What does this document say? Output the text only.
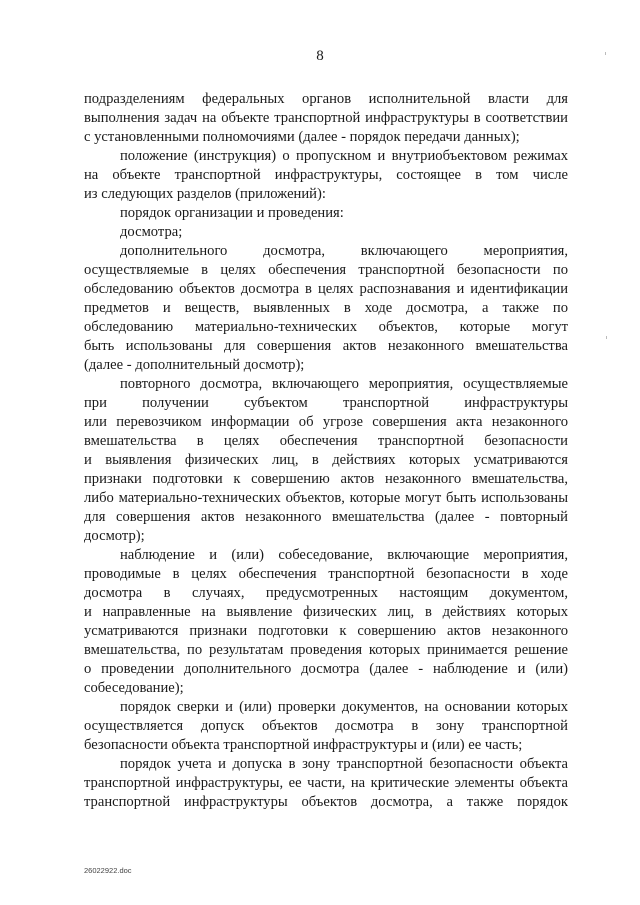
8
подразделениям федеральных органов исполнительной власти для
выполнения задач на объекте транспортной инфраструктуры в соответствии
с установленными полномочиями (далее - порядок передачи данных);
положение (инструкция) о пропускном и внутриобъектовом режимах
на объекте транспортной инфраструктуры, состоящее в том числе
из следующих разделов (приложений):
порядок организации и проведения:
досмотра;
дополнительного досмотра, включающего мероприятия,
осуществляемые в целях обеспечения транспортной безопасности по
обследованию объектов досмотра в целях распознавания и идентификации
предметов и веществ, выявленных в ходе досмотра, а также по
обследованию материально-технических объектов, которые могут
быть использованы для совершения актов незаконного вмешательства
(далее - дополнительный досмотр);
повторного досмотра, включающего мероприятия, осуществляемые
при получении субъектом транспортной инфраструктуры
или перевозчиком информации об угрозе совершения акта незаконного
вмешательства в целях обеспечения транспортной безопасности
и выявления физических лиц, в действиях которых усматриваются
признаки подготовки к совершению актов незаконного вмешательства,
либо материально-технических объектов, которые могут быть использованы
для совершения актов незаконного вмешательства (далее - повторный
досмотр);
наблюдение и (или) собеседование, включающие мероприятия,
проводимые в целях обеспечения транспортной безопасности в ходе
досмотра в случаях, предусмотренных настоящим документом,
и направленные на выявление физических лиц, в действиях которых
усматриваются признаки подготовки к совершению актов незаконного
вмешательства, по результатам проведения которых принимается решение
о проведении дополнительного досмотра (далее - наблюдение и (или)
собеседование);
порядок сверки и (или) проверки документов, на основании которых
осуществляется допуск объектов досмотра в зону транспортной
безопасности объекта транспортной инфраструктуры и (или) ее часть;
порядок учета и допуска в зону транспортной безопасности объекта
транспортной инфраструктуры, ее части, на критические элементы объекта
транспортной инфраструктуры объектов досмотра, а также порядок
26022922.doc
